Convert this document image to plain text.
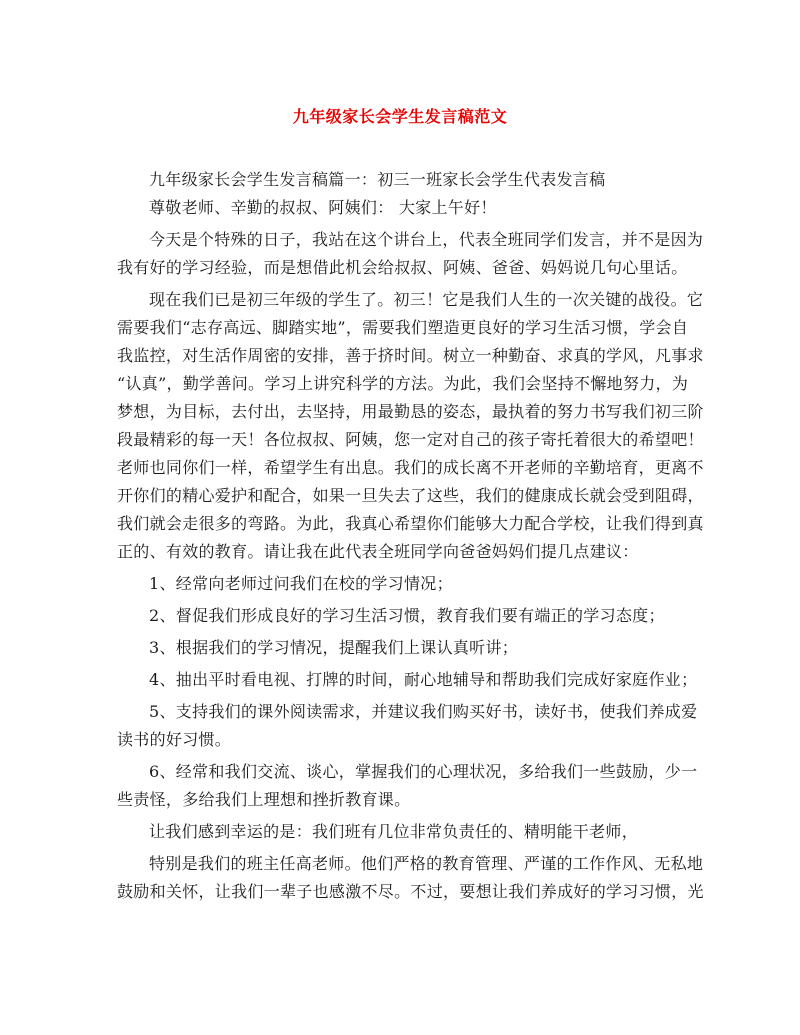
九年级家长会学生发言稿范文
九年级家长会学生发言稿篇一：初三一班家长会学生代表发言稿
尊敬老师、辛勤的叔叔、阿姨们： 大家上午好！
今天是个特殊的日子，我站在这个讲台上，代表全班同学们发言，并不是因为
我有好的学习经验，而是想借此机会给叔叔、阿姨、爸爸、妈妈说几句心里话。
现在我们已是初三年级的学生了。初三！它是我们人生的一次关键的战役。它
需要我们“志存高远、脚踏实地”，需要我们塑造更良好的学习生活习惯，学会自
我监控，对生活作周密的安排，善于挤时间。树立一种勤奋、求真的学风，凡事求
“认真”，勤学善问。学习上讲究科学的方法。为此，我们会坚持不懈地努力，为
梦想，为目标，去付出，去坚持，用最勤恳的姿态，最执着的努力书写我们初三阶
段最精彩的每一天！各位叔叔、阿姨，您一定对自己的孩子寄托着很大的希望吧！
老师也同你们一样，希望学生有出息。我们的成长离不开老师的辛勤培育，更离不
开你们的精心爱护和配合，如果一旦失去了这些，我们的健康成长就会受到阻碍，
我们就会走很多的弯路。为此，我真心希望你们能够大力配合学校，让我们得到真
正的、有效的教育。请让我在此代表全班同学向爸爸妈妈们提几点建议：
1、经常向老师过问我们在校的学习情况；
2、督促我们形成良好的学习生活习惯，教育我们要有端正的学习态度；
3、根据我们的学习情况，提醒我们上课认真听讲；
4、抽出平时看电视、打牌的时间，耐心地辅导和帮助我们完成好家庭作业；
5、支持我们的课外阅读需求，并建议我们购买好书，读好书，使我们养成爱
读书的好习惯。
6、经常和我们交流、谈心，掌握我们的心理状况，多给我们一些鼓励，少一
些责怪，多给我们上理想和挫折教育课。
让我们感到幸运的是：我们班有几位非常负责任的、精明能干老师，
特别是我们的班主任高老师。他们严格的教育管理、严谨的工作作风、无私地
鼓励和关怀，让我们一辈子也感激不尽。不过，要想让我们养成好的学习习惯，光
